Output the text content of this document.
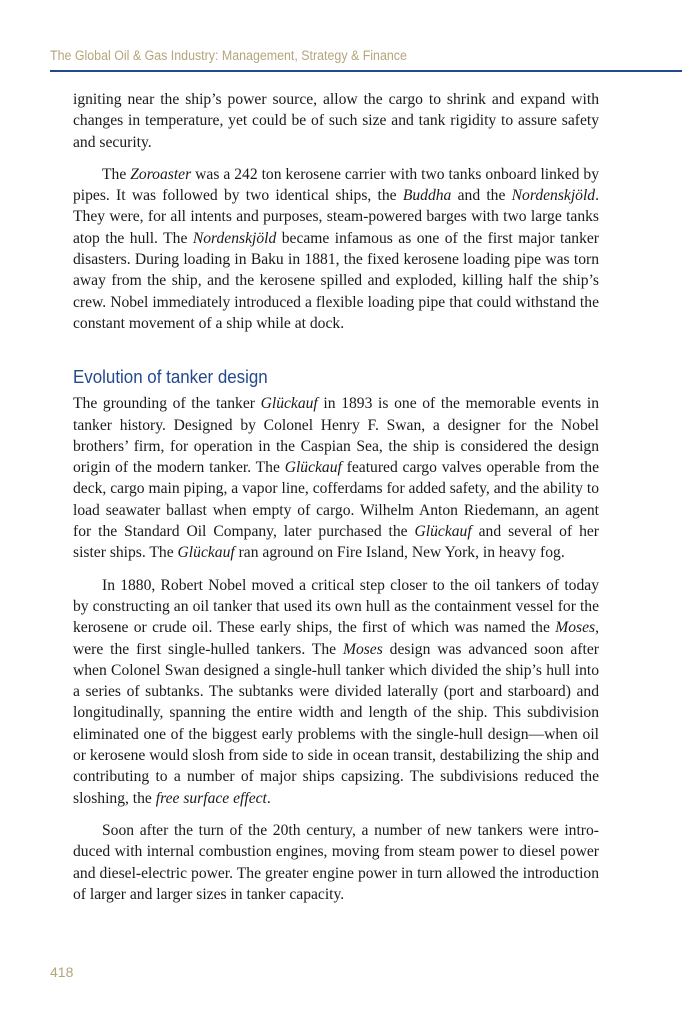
The Global Oil & Gas Industry: Management, Strategy & Finance

igniting near the ship’s power source, allow the cargo to shrink and expand with changes in temperature, yet could be of such size and tank rigidity to assure safety and security.

The Zoroaster was a 242 ton kerosene carrier with two tanks onboard linked by pipes. It was followed by two identical ships, the Buddha and the Nordenskjöld. They were, for all intents and purposes, steam-powered barges with two large tanks atop the hull. The Nordenskjöld became infamous as one of the first major tanker disasters. During loading in Baku in 1881, the fixed kerosene loading pipe was torn away from the ship, and the kerosene spilled and exploded, killing half the ship’s crew. Nobel immediately introduced a flexible loading pipe that could withstand the constant movement of a ship while at dock.

Evolution of tanker design

The grounding of the tanker Glückauf in 1893 is one of the memorable events in tanker history. Designed by Colonel Henry F. Swan, a designer for the Nobel brothers’ firm, for operation in the Caspian Sea, the ship is considered the design origin of the modern tanker. The Glückauf featured cargo valves operable from the deck, cargo main piping, a vapor line, cofferdams for added safety, and the ability to load seawater ballast when empty of cargo. Wilhelm Anton Riedemann, an agent for the Standard Oil Company, later purchased the Glückauf and several of her sister ships. The Glückauf ran aground on Fire Island, New York, in heavy fog.

In 1880, Robert Nobel moved a critical step closer to the oil tankers of today by constructing an oil tanker that used its own hull as the containment vessel for the kerosene or crude oil. These early ships, the first of which was named the Moses, were the first single-hulled tankers. The Moses design was advanced soon after when Colonel Swan designed a single-hull tanker which divided the ship’s hull into a series of subtanks. The subtanks were divided laterally (port and starboard) and longitudinally, spanning the entire width and length of the ship. This subdivision eliminated one of the biggest early problems with the single-hull design—when oil or kerosene would slosh from side to side in ocean transit, destabilizing the ship and contributing to a number of major ships capsizing. The subdivisions reduced the sloshing, the free surface effect.

Soon after the turn of the 20th century, a number of new tankers were introduced with internal combustion engines, moving from steam power to diesel power and diesel-electric power. The greater engine power in turn allowed the introduction of larger and larger sizes in tanker capacity.

418
